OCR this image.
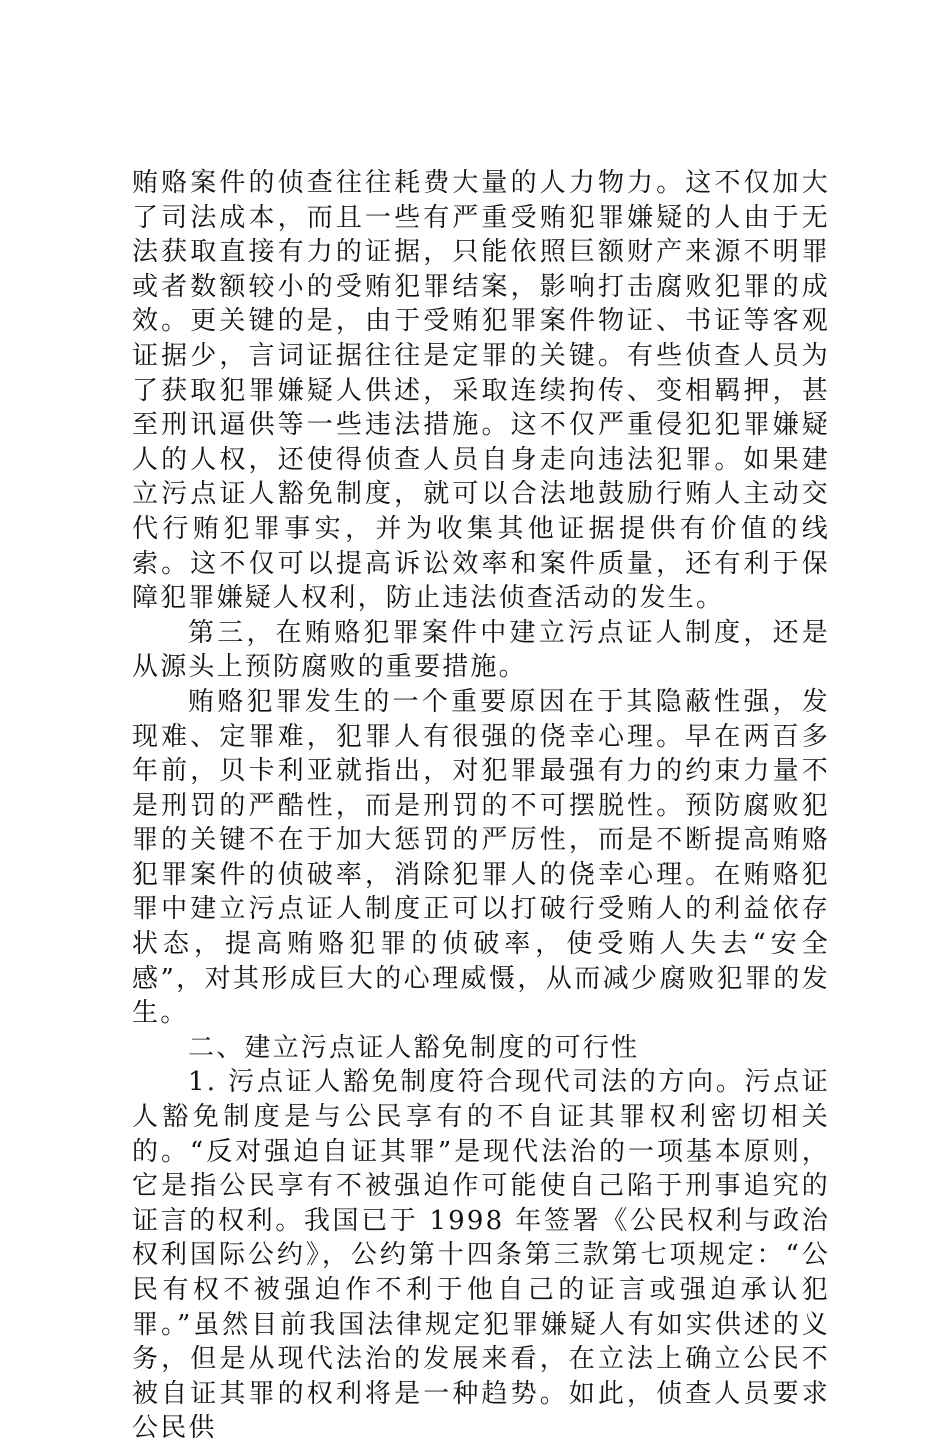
贿赂案件的侦查往往耗费大量的人力物力。这不仅加大了司法成本，而且一些有严重受贿犯罪嫌疑的人由于无法获取直接有力的证据，只能依照巨额财产来源不明罪或者数额较小的受贿犯罪结案，影响打击腐败犯罪的成效。更关键的是，由于受贿犯罪案件物证、书证等客观证据少，言词证据往往是定罪的关键。有些侦查人员为了获取犯罪嫌疑人供述，采取连续拘传、变相羁押，甚至刑讯逼供等一些违法措施。这不仅严重侵犯犯罪嫌疑人的人权，还使得侦查人员自身走向违法犯罪。如果建立污点证人豁免制度，就可以合法地鼓励行贿人主动交代行贿犯罪事实，并为收集其他证据提供有价值的线索。这不仅可以提高诉讼效率和案件质量，还有利于保障犯罪嫌疑人权利，防止违法侦查活动的发生。

第三，在贿赂犯罪案件中建立污点证人制度，还是从源头上预防腐败的重要措施。

贿赂犯罪发生的一个重要原因在于其隐蔽性强，发现难、定罪难，犯罪人有很强的侥幸心理。早在两百多年前，贝卡利亚就指出，对犯罪最强有力的约束力量不是刑罚的严酷性，而是刑罚的不可摆脱性。预防腐败犯罪的关键不在于加大惩罚的严厉性，而是不断提高贿赂犯罪案件的侦破率，消除犯罪人的侥幸心理。在贿赂犯罪中建立污点证人制度正可以打破行受贿人的利益依存状态，提高贿赂犯罪的侦破率，使受贿人失去“安全感”，对其形成巨大的心理威慑，从而减少腐败犯罪的发生。

二、建立污点证人豁免制度的可行性

1. 污点证人豁免制度符合现代司法的方向。污点证人豁免制度是与公民享有的不自证其罪权利密切相关的。“反对强迫自证其罪”是现代法治的一项基本原则，它是指公民享有不被强迫作可能使自己陷于刑事追究的证言的权利。我国已于 1998 年签署《公民权利与政治权利国际公约》，公约第十四条第三款第七项规定：“公民有权不被强迫作不利于他自己的证言或强迫承认犯罪。”虽然目前我国法律规定犯罪嫌疑人有如实供述的义务，但是从现代法治的发展来看，在立法上确立公民不被自证其罪的权利将是一种趋势。如此，侦查人员要求公民供
